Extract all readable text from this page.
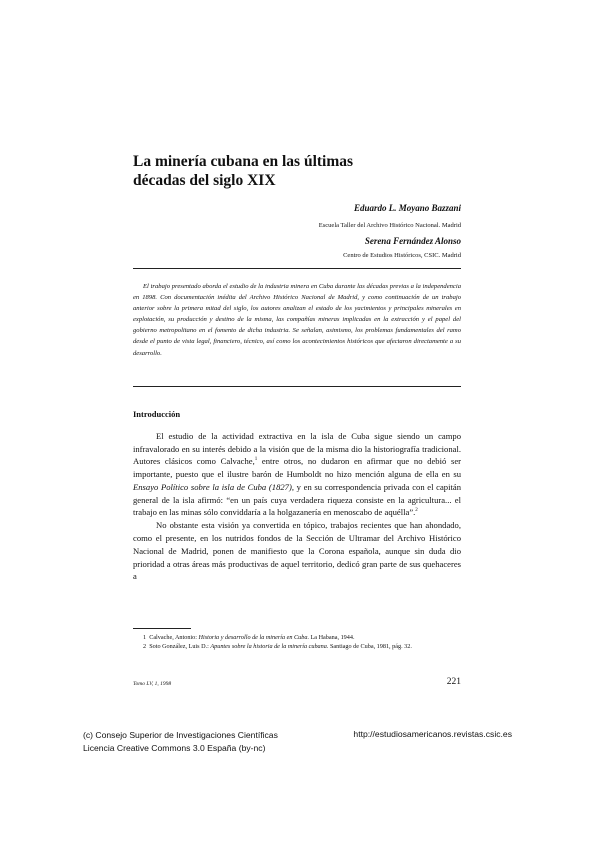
La minería cubana en las últimas
décadas del siglo XIX
Eduardo L. Moyano Bazzani
Escuela Taller del Archivo Histórico Nacional. Madrid
Serena Fernández Alonso
Centro de Estudios Históricos, CSIC. Madrid
El trabajo presentado aborda el estudio de la industria minera en Cuba durante las décadas previas a la independencia en 1898. Con documentación inédita del Archivo Histórico Nacional de Madrid, y como continuación de un trabajo anterior sobre la primera mitad del siglo, los autores analizan el estado de los yacimientos y principales minerales en explotación, su producción y destino de la misma, las compañías mineras implicadas en la extracción y el papel del gobierno metropolitano en el fomento de dicha industria. Se señalan, asimismo, los problemas fundamentales del ramo desde el punto de vista legal, financiero, técnico, así como los acontecimientos históricos que afectaron directamente a su desarrollo.
Introducción

El estudio de la actividad extractiva en la isla de Cuba sigue siendo un campo infravalorado en su interés debido a la visión que de la misma dio la historiografía tradicional. Autores clásicos como Calvache,$^1$ entre otros, no dudaron en afirmar que no debió ser importante, puesto que el ilustre barón de Humboldt no hizo mención alguna de ella en su Ensayo Político sobre la isla de Cuba (1827), y en su correspondencia privada con el capitán general de la isla afirmó: “en un país cuya verdadera riqueza consiste en la agricultura... el trabajo en las minas sólo conviddaría a la holgazanería en menoscabo de aquélla”.$^2$

No obstante esta visión ya convertida en tópico, trabajos recientes que han ahondado, como el presente, en los nutridos fondos de la Sección de Ultramar del Archivo Histórico Nacional de Madrid, ponen de manifiesto que la Corona española, aunque sin duda dio prioridad a otras áreas más productivas de aquel territorio, dedicó gran parte de sus quehaceres a

1 Calvache, Antonio: Historia y desarrollo de la minería en Cuba. La Habana, 1944.
2 Soto González, Luis D.: Apuntes sobre la historia de la minería cubana. Santiago de Cuba, 1981, pág. 32.
Tomo LV, 1, 1998	221
(c) Consejo Superior de Investigaciones Científicas
Licencia Creative Commons 3.0 España (by-nc)
http://estudiosamericanos.revistas.csic.es
